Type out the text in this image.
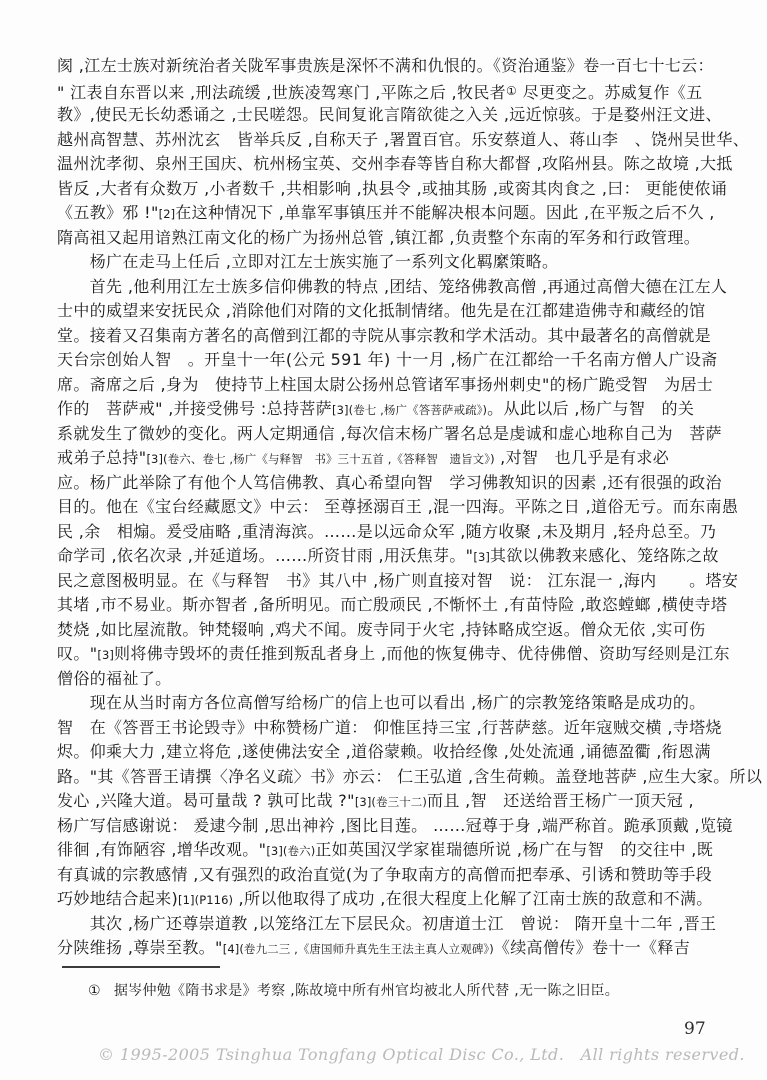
阂 ,江左士族对新统治者关陇军事贵族是深怀不满和仇恨的。《资治通鉴》卷一百七十七云：
" 江表自东晋以来 ,刑法疏缓 ,世族凌驾寒门 ,平陈之后 ,牧民者① 尽更变之。苏威复作《五
教》,使民无长幼悉诵之 ,士民嗟怨。民间复讹言隋欲徙之入关 ,远近惊骇。于是婺州汪文进、
越州高智慧、苏州沈玄　皆举兵反 ,自称天子 ,署置百官。乐安蔡道人、蒋山李　、饶州吴世华、
温州沈孝彻、泉州王国庆、杭州杨宝英、交州李春等皆自称大都督 ,攻陷州县。陈之故境 ,大抵
皆反 ,大者有众数万 ,小者数千 ,共相影响 ,执县令 ,或抽其肠 ,或脔其肉食之 ,曰： 更能使侬诵
《五教》邪 !"[2]在这种情况下 ,单靠军事镇压并不能解决根本问题。因此 ,在平叛之后不久 ,
隋高祖又起用谙熟江南文化的杨广为扬州总管 ,镇江都 ,负责整个东南的军务和行政管理。
　　杨广在走马上任后 ,立即对江左士族实施了一系列文化羁縻策略。
　　首先 ,他利用江左士族多信仰佛教的特点 ,团结、笼络佛教高僧 ,再通过高僧大德在江左人
士中的威望来安抚民众 ,消除他们对隋的文化抵制情绪。他先是在江都建造佛寺和藏经的馆
堂。接着又召集南方著名的高僧到江都的寺院从事宗教和学术活动。其中最著名的高僧就是
天台宗创始人智　。开皇十一年(公元 591 年) 十一月 ,杨广在江都给一千名南方僧人广设斋
席。斋席之后 ,身为　使持节上柱国太尉公扬州总管诸军事扬州刺史"的杨广跪受智　为居士
作的　菩萨戒" ,并接受佛号 :总持菩萨[3](卷七 ,杨广《答菩萨戒疏》)。从此以后 ,杨广与智　的关
系就发生了微妙的变化。两人定期通信 ,每次信末杨广署名总是虔诚和虚心地称自己为　菩萨
戒弟子总持"[3](卷六、卷七 ,杨广《与释智　书》三十五首 ,《答释智　遗旨文》) ,对智　也几乎是有求必
应。杨广此举除了有他个人笃信佛教、真心希望向智　学习佛教知识的因素 ,还有很强的政治
目的。他在《宝台经藏愿文》中云： 至尊拯溺百王 ,混一四海。平陈之日 ,道俗无亏。而东南愚
民 ,余　相煽。爰受庙略 ,重清海滨。……是以远命众军 ,随方收聚 ,未及期月 ,轻舟总至。乃
命学司 ,依名次录 ,并延道场。……所资甘雨 ,用沃焦芽。"[3]其欲以佛教来感化、笼络陈之故
民之意图极明显。在《与释智　书》其八中 ,杨广则直接对智　说： 江东混一 ,海内　　。塔安
其堵 ,市不易业。斯亦智者 ,备所明见。而亡殷顽民 ,不惭怀土 ,有苗恃险 ,敢恣螳螂 ,横使寺塔
焚烧 ,如比屋流散。钟梵辍响 ,鸡犬不闻。废寺同于火宅 ,持钵略成空返。僧众无依 ,实可伤
叹。"[3]则将佛寺毁坏的责任推到叛乱者身上 ,而他的恢复佛寺、优待佛僧、资助写经则是江东
僧俗的福祉了。
　　现在从当时南方各位高僧写给杨广的信上也可以看出 ,杨广的宗教笼络策略是成功的。
智　在《答晋王书论毁寺》中称赞杨广道： 仰惟匡持三宝 ,行菩萨慈。近年寇贼交横 ,寺塔烧
烬。仰乘大力 ,建立将危 ,遂使佛法安全 ,道俗蒙赖。收拾经像 ,处处流通 ,诵德盈衢 ,衔恩满
路。"其《答晋王请撰〈净名义疏〉书》亦云： 仁王弘道 ,含生荷赖。盖登地菩萨 ,应生大家。所以
发心 ,兴隆大道。曷可量哉 ? 孰可比哉 ?"[3](卷三十二)而且 ,智　还送给晋王杨广一顶天冠 ,
杨广写信感谢说： 爰逮今制 ,思出神衿 ,图比目莲。 ……冠尊于身 ,端严称首。跪承顶戴 ,览镜
徘徊 ,有饰陋容 ,增华改观。"[3](卷六)正如英国汉学家崔瑞德所说 ,杨广在与智　的交往中 ,既
有真诚的宗教感情 ,又有强烈的政治直觉(为了争取南方的高僧而把奉承、引诱和赞助等手段
巧妙地结合起来)[1](P116) ,所以他取得了成功 ,在很大程度上化解了江南士族的敌意和不满。
　　其次 ,杨广还尊崇道教 ,以笼络江左下层民众。初唐道士江　曾说： 隋开皇十二年 ,晋王
分陕维扬 ,尊崇至教。"[4](卷九二三 ,《唐国师升真先生王法主真人立观碑》)《续高僧传》卷十一《释吉
① 据岑仲勉《隋书求是》考察 ,陈故境中所有州官均被北人所代替 ,无一陈之旧臣。
97
© 1995-2005 Tsinghua Tongfang Optical Disc Co., Ltd.   All rights reserved.
